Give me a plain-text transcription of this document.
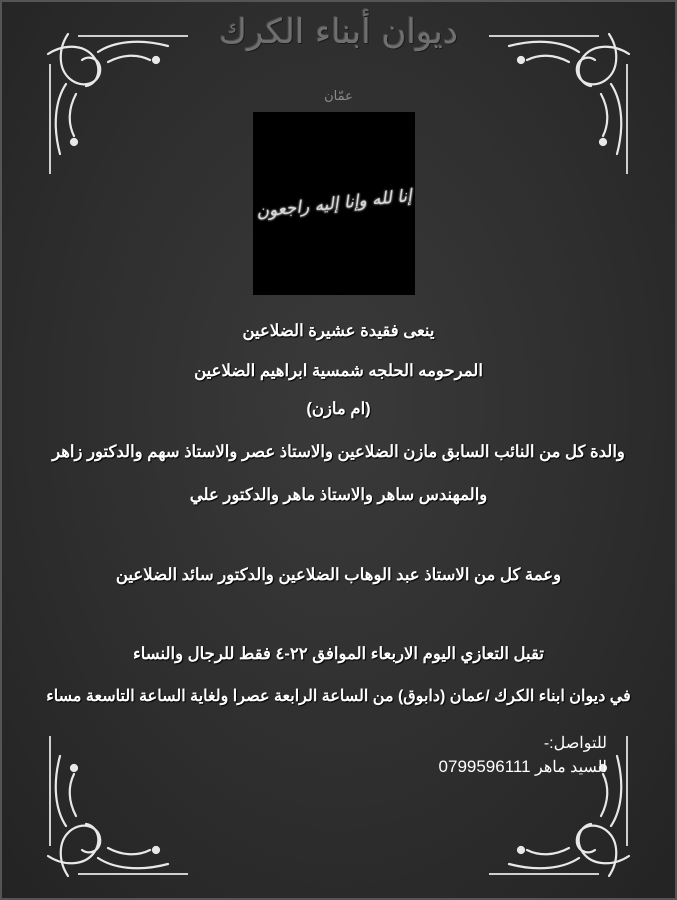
ديوان أبناء الكرك
عمّان
إنا لله وإنا إليه راجعون
ينعى فقيدة عشيرة الضلاعين
المرحومه الحلجه شمسية ابراهيم الضلاعين
(ام مازن)
والدة كل من النائب السابق مازن الضلاعين والاستاذ عصر والاستاذ سهم والدكتور زاهر
والمهندس ساهر والاستاذ ماهر والدكتور علي
وعمة كل من الاستاذ عبد الوهاب الضلاعين والدكتور سائد الضلاعين
تقبل التعازي اليوم الاربعاء الموافق ٢٢-٤ فقط للرجال والنساء
في ديوان ابناء الكرك /عمان (دابوق) من الساعة الرابعة عصرا ولغاية الساعة التاسعة مساء
للتواصل:-
السيد ماهر 0799596111
